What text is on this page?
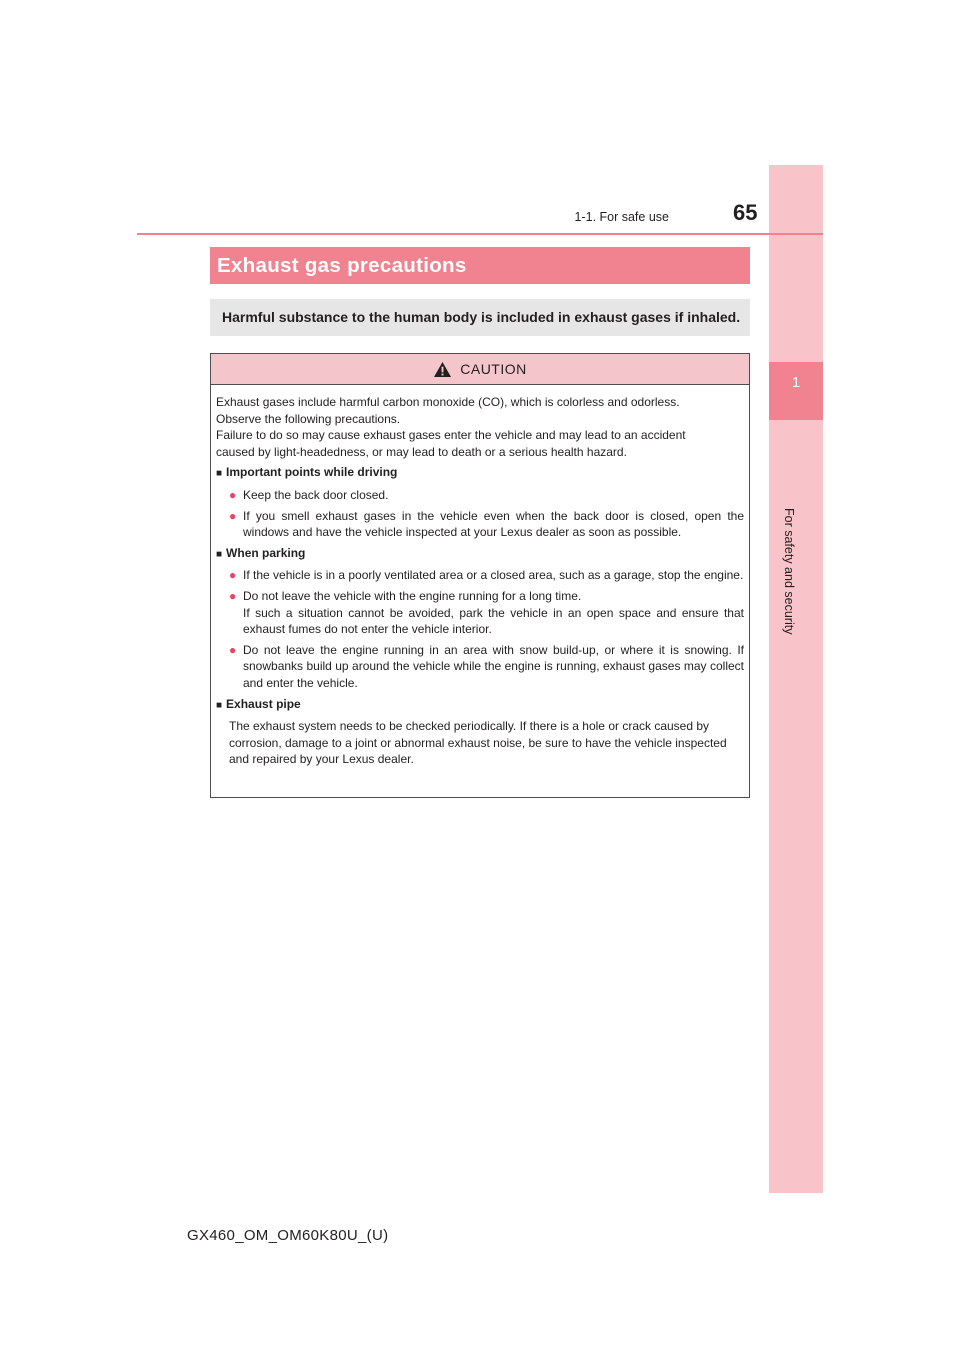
1
For safety and security
1-1. For safe use	65
Exhaust gas precautions
Harmful substance to the human body is included in exhaust gases if inhaled.
CAUTION

Exhaust gases include harmful carbon monoxide (CO), which is colorless and odorless.

Observe the following precautions.

Failure to do so may cause exhaust gases enter the vehicle and may lead to an accident

caused by light-headedness, or may lead to death or a serious health hazard.

■ Important points while driving

● Keep the back door closed.

● If you smell exhaust gases in the vehicle even when the back door is closed, open the windows and have the vehicle inspected at your Lexus dealer as soon as possible.

■ When parking

● If the vehicle is in a poorly ventilated area or a closed area, such as a garage, stop the engine.

● Do not leave the vehicle with the engine running for a long time.
If such a situation cannot be avoided, park the vehicle in an open space and ensure that exhaust fumes do not enter the vehicle interior.

● Do not leave the engine running in an area with snow build-up, or where it is snowing. If snowbanks build up around the vehicle while the engine is running, exhaust gases may collect and enter the vehicle.

■ Exhaust pipe

The exhaust system needs to be checked periodically. If there is a hole or crack caused by corrosion, damage to a joint or abnormal exhaust noise, be sure to have the vehicle inspected and repaired by your Lexus dealer.

GX460_OM_OM60K80U_(U)
